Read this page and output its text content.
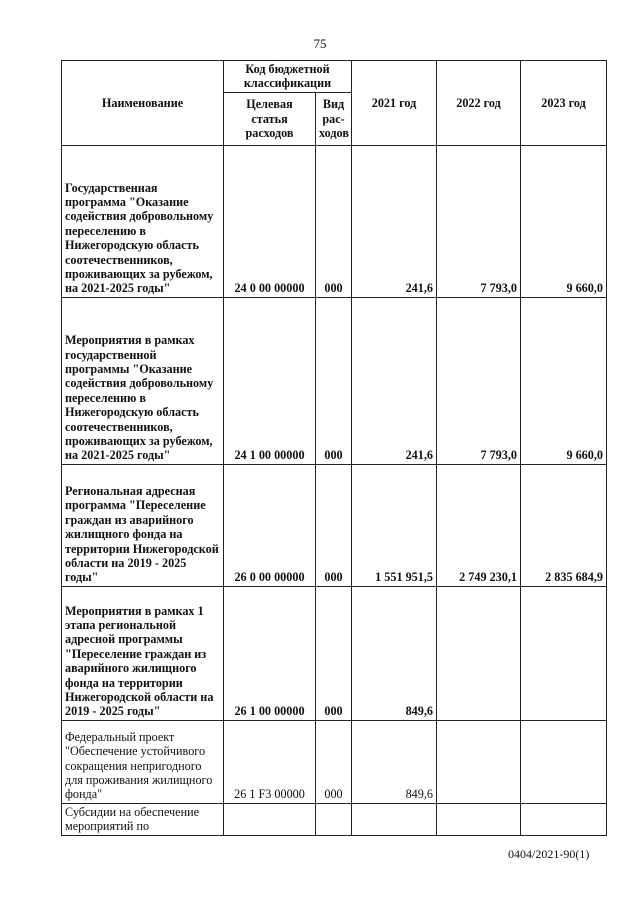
75
Наименование	Код бюджетной классификации		2021 год	2022 год	2023 год
	Целевая статья расходов	Вид рас-ходов			
Государственная программа "Оказание содействия добровольному переселению в Нижегородскую область соотечественников, проживающих за рубежом, на 2021-2025 годы"	24 0 00 00000	000	241,6	7 793,0	9 660,0
Мероприятия в рамках государственной программы "Оказание содействия добровольному переселению в Нижегородскую область соотечественников, проживающих за рубежом, на 2021-2025 годы"	24 1 00 00000	000	241,6	7 793,0	9 660,0
Региональная адресная программа "Переселение граждан из аварийного жилищного фонда на территории Нижегородской области на 2019 - 2025 годы"	26 0 00 00000	000	1 551 951,5	2 749 230,1	2 835 684,9
Мероприятия в рамках 1 этапа региональной адресной программы "Переселение граждан из аварийного жилищного фонда на территории Нижегородской области на 2019 - 2025 годы"	26 1 00 00000	000	849,6		
Федеральный проект "Обеспечение устойчивого сокращения непригодного для проживания жилищного фонда"	26 1 F3 00000	000	849,6		
Субсидии на обеспечение мероприятий по					
0404/2021-90(1)
